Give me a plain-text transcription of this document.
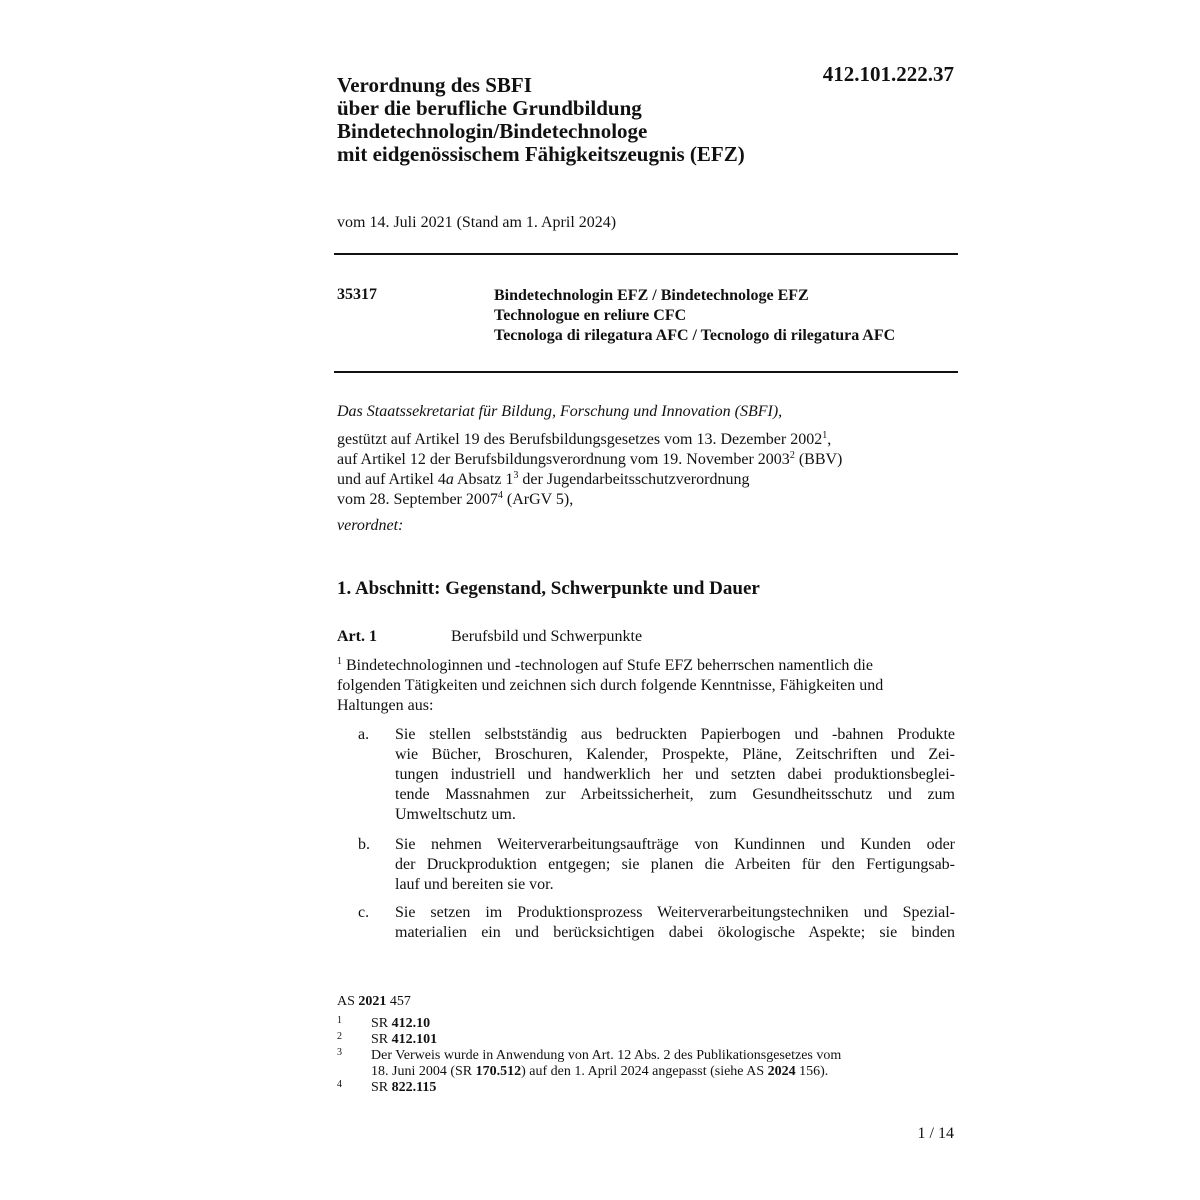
412.101.222.37
Verordnung des SBFI
über die berufliche Grundbildung
Bindetechnologin/Bindetechnologe
mit eidgenössischem Fähigkeitszeugnis (EFZ)
vom 14. Juli 2021 (Stand am 1. April 2024)
35317	Bindetechnologin EFZ / Bindetechnologe EFZ
Technologue en reliure CFC
Tecnologa di rilegatura AFC / Tecnologo di rilegatura AFC
Das Staatssekretariat für Bildung, Forschung und Innovation (SBFI),
gestützt auf Artikel 19 des Berufsbildungsgesetzes vom 13. Dezember 2002$^1$,
auf Artikel 12 der Berufsbildungsverordnung vom 19. November 2003$^2$ (BBV)
und auf Artikel 4a Absatz $1^3$ der Jugendarbeitsschutzverordnung
vom 28. September 2007$^4$ (ArGV 5),
verordnet:
1. Abschnitt: Gegenstand, Schwerpunkte und Dauer
Art. 1	Berufsbild und Schwerpunkte
$^1$ Bindetechnologinnen und -technologen auf Stufe EFZ beherrschen namentlich die
folgenden Tätigkeiten und zeichnen sich durch folgende Kenntnisse, Fähigkeiten und
Haltungen aus:
a. Sie stellen selbstständig aus bedruckten Papierbogen und -bahnen Produkte
wie Bücher, Broschuren, Kalender, Prospekte, Pläne, Zeitschriften und Zei-
tungen industriell und handwerklich her und setzten dabei produktionsbeglei-
tende Massnahmen zur Arbeitssicherheit, zum Gesundheitsschutz und zum
Umweltschutz um.
b. Sie nehmen Weiterverarbeitungsaufträge von Kundinnen und Kunden oder
der Druckproduktion entgegen; sie planen die Arbeiten für den Fertigungsab-
lauf und bereiten sie vor.
c. Sie setzen im Produktionsprozess Weiterverarbeitungstechniken und Spezial-
materialien ein und berücksichtigen dabei ökologische Aspekte; sie binden
AS 2021 457
1 SR 412.10
2 SR 412.101
3 Der Verweis wurde in Anwendung von Art. 12 Abs. 2 des Publikationsgesetzes vom
18. Juni 2004 (SR 170.512) auf den 1. April 2024 angepasst (siehe AS 2024 156).
4 SR 822.115
1 / 14
